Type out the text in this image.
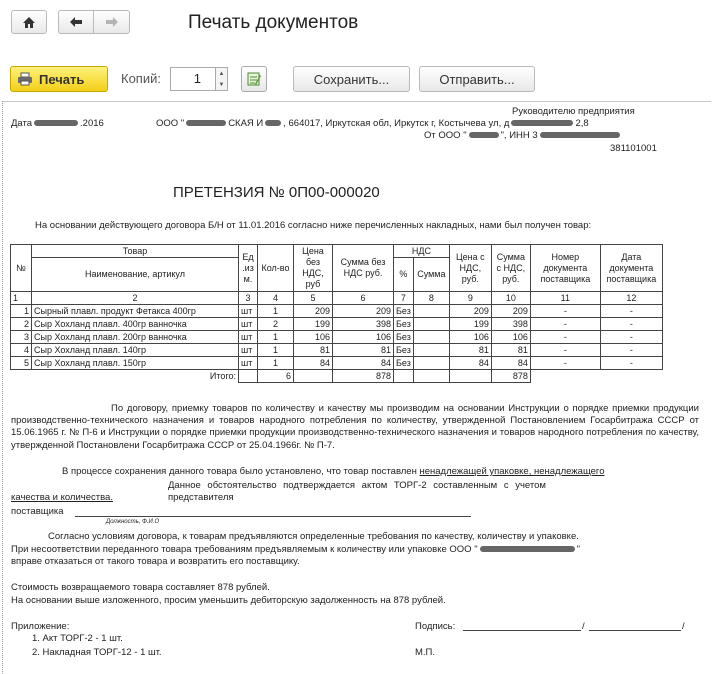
Печать документов
Печать	Копий:	1	▲
▼	Сохранить...	Отправить...
Руководителю предприятия
Дата	.2016	ООО "	СКАЯ И , 664017, Иркутская обл, Иркутск г, Костычева ул, д	2,8
От ООО "	", ИНН 3
381101001
ПРЕТЕНЗИЯ № 0П00-000020
На основании действующего договора Б/Н от 11.01.2016 согласно ниже перечисленных накладных, нами был получен товар:
№	Товар	Ед .из м.	Кол-во	Цена без НДС, руб	Сумма без НДС руб.	НДС		Цена с НДС, руб.	Сумма с НДС, руб.	Номер документа поставщика	Дата документа поставщика
	Наименование, артикул					%	Сумма				
1	2	3	4	5	6	7	8	9	10	11	12
1	Сырный плавл. продукт Фетакса 400гр	шт	1	209	209	Без		209	209	-	-
2	Сыр Хохланд плавл. 400гр ванночка	шт	2	199	398	Без		199	398	-	-
3	Сыр Хохланд плавл. 200гр ванночка	шт	1	106	106	Без		106	106	-	-
4	Сыр Хохланд плавл. 140гр	шт	1	81	81	Без		81	81	-	-
5	Сыр Хохланд плавл. 150гр	шт	1	84	84	Без		84	84	-	-
	Итого:		6		878				878		
По договору, приемку товаров по количеству и качеству мы производим на основании Инструкции о порядке приемки продукции производственно-технического назначения и товаров народного потребления по количеству, утвержденной Постановлением Госарбитража СССР от 15.06.1965 г. № П-6 и Инструкции о порядке приемки продукции производственно-технического назначения и товаров народного потребления по качеству, утвержденной Постановлени Госарбитража СССР от 25.04.1966г. № П-7.
В процессе сохранения данного товара было установлено, что товар поставлен ненадлежащей упаковке, ненадлежащего
качества и количества.
Данное обстоятельство подтверждается актом ТОРГ-2 составленным с учетом
представителя
поставщика
Должность, Ф.И.О
Согласно условиям договора, к товарам предъявляются определенные требования по качеству, количеству и упаковке.
При несоответствии переданного товара требованиям предъявляемым к количеству или упаковке ООО "	"
вправе отказаться от такого товара и возвратить его поставщику.
Стоимость возвращаемого товара составляет 878 рублей.
На основании выше изложенного, просим уменьшить дебиторскую задолженность на 878 рублей.
Приложение:
1. Акт ТОРГ-2 - 1 шт.
2. Накладная ТОРГ-12 - 1 шт.
Подпись:	/	/
М.П.
